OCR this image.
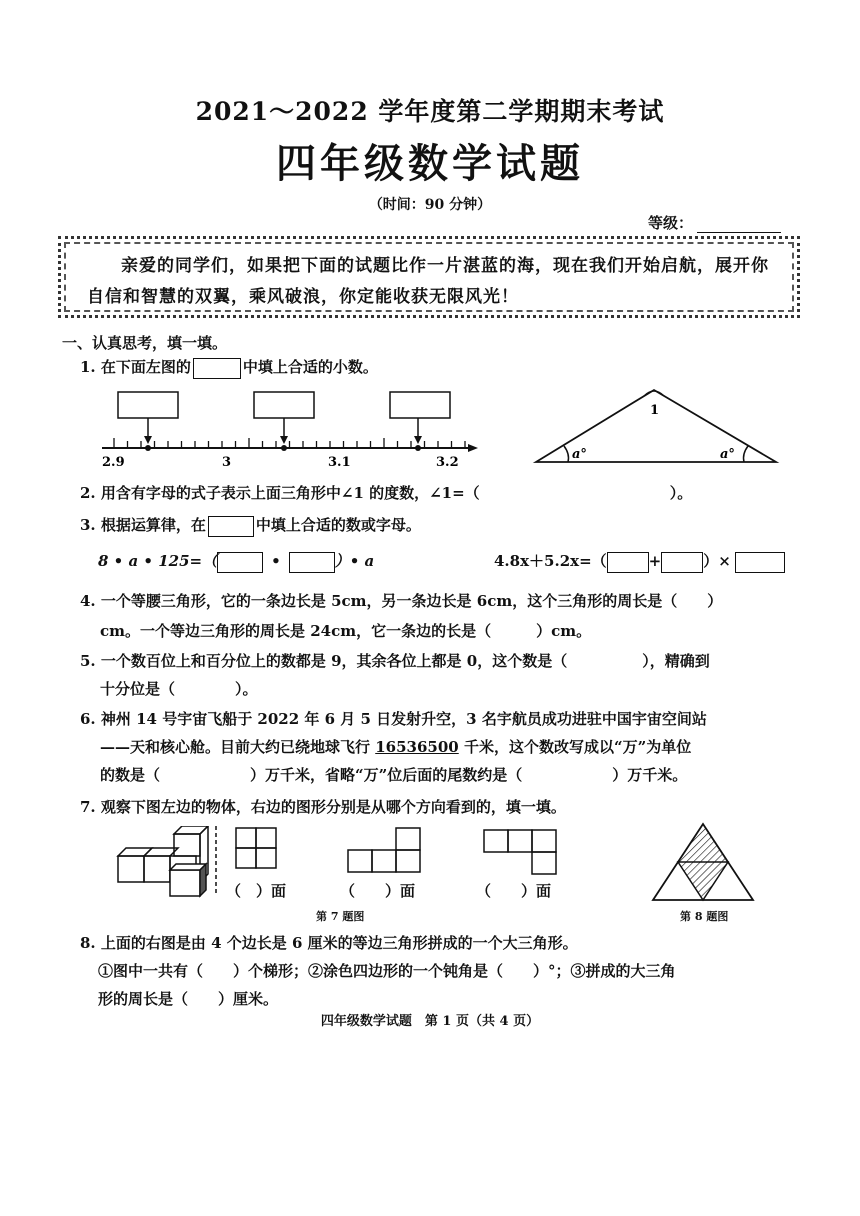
2021～2022 学年度第二学期期末考试
四年级数学试题
（时间：90 分钟）
等级：
亲爱的同学们，如果把下面的试题比作一片湛蓝的海，现在我们开始启航，展开你自信和智慧的双翼，乘风破浪，你定能收获无限风光！
一、认真思考，填一填。
1. 在下面左图的	中填上合适的小数。
2.9	3	3.1	3.2
1
a°	a°
2. 用含有字母的式子表示上面三角形中∠1 的度数，∠1=（	）。
3. 根据运算律，在	中填上合适的数或字母。
8 • a • 125=（	•	）• a	4.8x＋5.2x=（	+	）×
4. 一个等腰三角形，它的一条边长是 5cm，另一条边长是 6cm，这个三角形的周长是（　　）
cm。一个等边三角形的周长是 24cm，它一条边的长是（　　　）cm。
5. 一个数百位上和百分位上的数都是 9，其余各位上都是 0，这个数是（　　　　　），精确到
十分位是（　　　　）。
6. 神州 14 号宇宙飞船于 2022 年 6 月 5 日发射升空，3 名宇航员成功进驻中国宇宙空间站
——天和核心舱。目前大约已绕地球飞行 16536500 千米，这个数改写成以“万”为单位
的数是（　　　　　　）万千米，省略“万”位后面的尾数约是（　　　　　　）万千米。
7. 观察下图左边的物体，右边的图形分别是从哪个方向看到的，填一填。
（　）面	（　　）面	（　　）面
第 7 题图	第 8 题图
8. 上面的右图是由 4 个边长是 6 厘米的等边三角形拼成的一个大三角形。
①图中一共有（　　）个梯形；②涂色四边形的一个钝角是（　　）°；③拼成的大三角
形的周长是（　　）厘米。
四年级数学试题　第 1 页（共 4 页）
